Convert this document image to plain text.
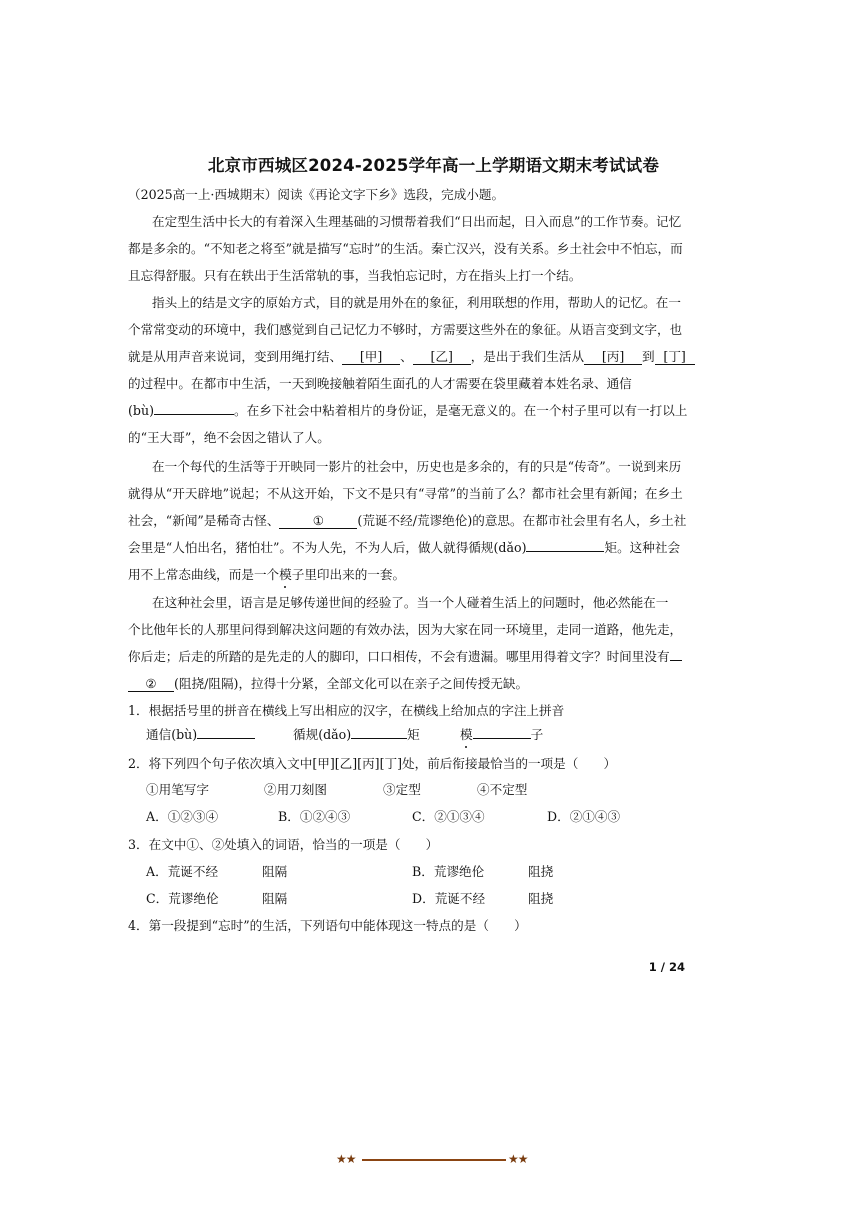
北京市西城区2024-2025学年高一上学期语文期末考试试卷
（2025高一上·西城期末）阅读《再论文字下乡》选段，完成小题。
在定型生活中长大的有着深入生理基础的习惯帮着我们“日出而起，日入而息”的工作节奏。记忆
都是多余的。“不知老之将至”就是描写“忘时”的生活。秦亡汉兴，没有关系。乡土社会中不怕忘，而
且忘得舒服。只有在轶出于生活常轨的事，当我怕忘记时，方在指头上打一个结。
指头上的结是文字的原始方式，目的就是用外在的象征，利用联想的作用，帮助人的记忆。在一
个常常变动的环境中，我们感觉到自己记忆力不够时，方需要这些外在的象征。从语言变到文字，也
就是从用声音来说词，变到用绳打结、 [甲] 、 [乙] ，是出于我们生活从 [丙] 到 [丁]
的过程中。在都市中生活，一天到晚接触着陌生面孔的人才需要在袋里藏着本姓名录、通信
(bù)	。在乡下社会中粘着相片的身份证，是毫无意义的。在一个村子里可以有一打以上
的“王大哥”，绝不会因之错认了人。
在一个每代的生活等于开映同一影片的社会中，历史也是多余的，有的只是“传奇”。一说到来历
就得从“开天辟地”说起；不从这开始，下文不是只有“寻常”的当前了么？都市社会里有新闻；在乡土
社会，“新闻”是稀奇古怪、	①	(荒诞不经/荒谬绝伦)的意思。在都市社会里有名人，乡土社
会里是“人怕出名，猪怕壮”。不为人先，不为人后，做人就得循规(dǎo)	矩。这种社会
用不上常态曲线，而是一个模子里印出来的一套。
在这种社会里，语言是足够传递世间的经验了。当一个人碰着生活上的问题时，他必然能在一
个比他年长的人那里问得到解决这问题的有效办法，因为大家在同一环境里，走同一道路，他先走，
你后走；后走的所踏的是先走的人的脚印，口口相传，不会有遗漏。哪里用得着文字？时间里没有
② (阻挠/阻隔)，拉得十分紧，全部文化可以在亲子之间传授无缺。
1．根据括号里的拼音在横线上写出相应的汉字，在横线上给加点的字注上拼音
通信(bù)	循规(dǎo)	矩	模	子
2．将下列四个句子依次填入文中[甲][乙][丙][丁]处，前后衔接最恰当的一项是（　　）
①用笔写字	②用刀刻图	③定型	④不定型
A．①②③④	B．①②④③	C．②①③④	D．②①④③
3．在文中①、②处填入的词语，恰当的一项是（　　）
A．荒诞不经	阻隔	B．荒谬绝伦	阻挠
C．荒谬绝伦	阻隔	D．荒诞不经	阻挠
4．第一段提到“忘时”的生活，下列语句中能体现这一特点的是（　　）
1 / 24
★★	★★
